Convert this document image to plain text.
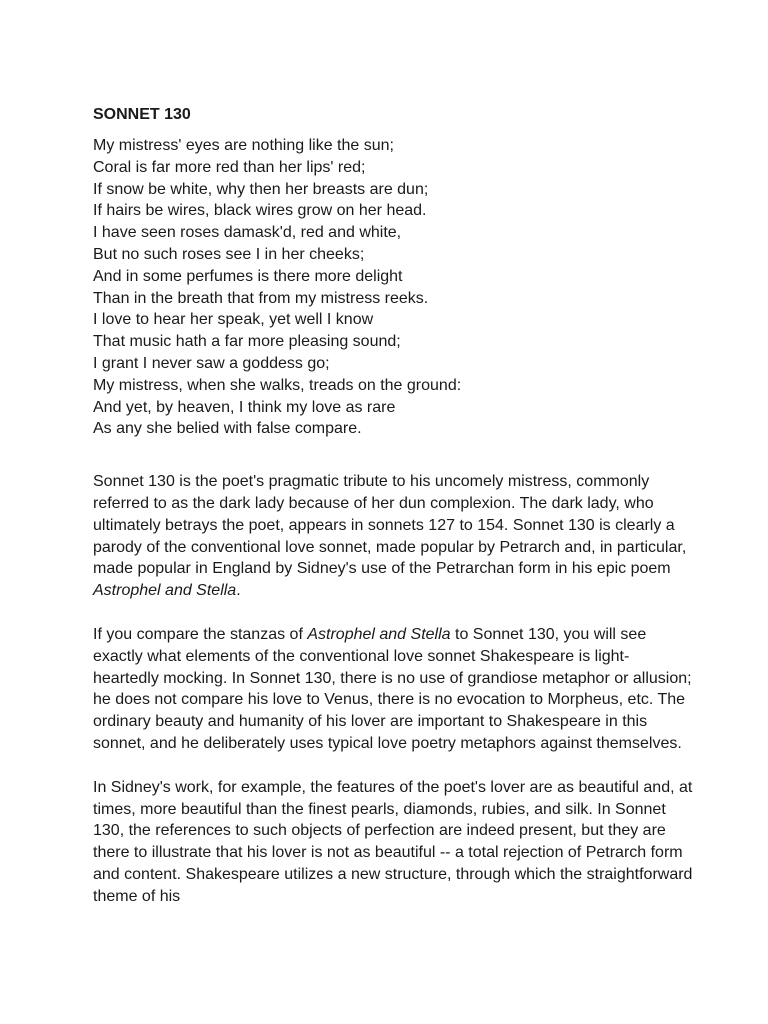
SONNET 130
My mistress' eyes are nothing like the sun;
Coral is far more red than her lips' red;
If snow be white, why then her breasts are dun;
If hairs be wires, black wires grow on her head.
I have seen roses damask'd, red and white,
But no such roses see I in her cheeks;
And in some perfumes is there more delight
Than in the breath that from my mistress reeks.
I love to hear her speak, yet well I know
That music hath a far more pleasing sound;
I grant I never saw a goddess go;
My mistress, when she walks, treads on the ground:
And yet, by heaven, I think my love as rare
As any she belied with false compare.

Sonnet 130 is the poet's pragmatic tribute to his uncomely mistress, commonly referred to as the dark lady because of her dun complexion. The dark lady, who ultimately betrays the poet, appears in sonnets 127 to 154. Sonnet 130 is clearly a parody of the conventional love sonnet, made popular by Petrarch and, in particular, made popular in England by Sidney's use of the Petrarchan form in his epic poem Astrophel and Stella.

If you compare the stanzas of Astrophel and Stella to Sonnet 130, you will see exactly what elements of the conventional love sonnet Shakespeare is light-heartedly mocking. In Sonnet 130, there is no use of grandiose metaphor or allusion; he does not compare his love to Venus, there is no evocation to Morpheus, etc. The ordinary beauty and humanity of his lover are important to Shakespeare in this sonnet, and he deliberately uses typical love poetry metaphors against themselves.

In Sidney's work, for example, the features of the poet's lover are as beautiful and, at times, more beautiful than the finest pearls, diamonds, rubies, and silk. In Sonnet 130, the references to such objects of perfection are indeed present, but they are there to illustrate that his lover is not as beautiful -- a total rejection of Petrarch form and content. Shakespeare utilizes a new structure, through which the straightforward theme of his
